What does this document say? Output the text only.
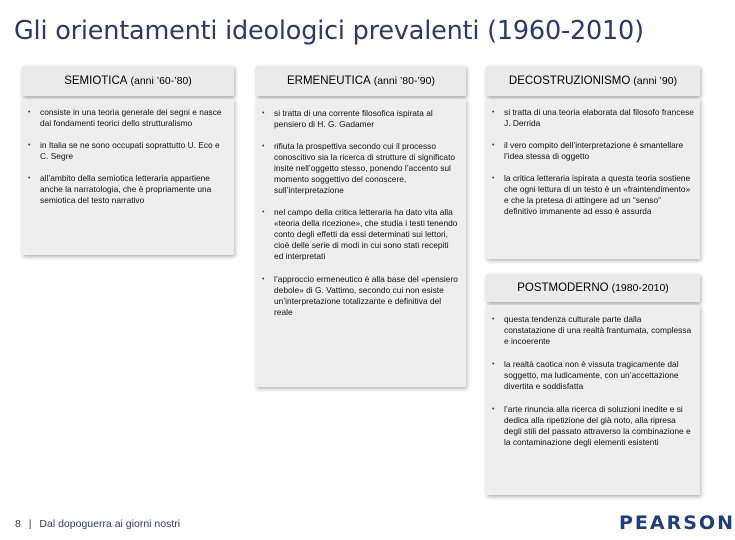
Gli orientamenti ideologici prevalenti (1960-2010)
SEMIOTICA (anni ’60-’80)
• consiste in una teoria generale dei segni e nasce dai fondamenti teorici dello strutturalismo
• in Italia se ne sono occupati soprattutto U. Eco e C. Segre
• all’ambito della semiotica letteraria appartiene anche la narratologia, che è propriamente una semiotica del testo narrativo
ERMENEUTICA (anni ’80-’90)
• si tratta di una corrente filosofica ispirata al pensiero di H. G. Gadamer
• rifiuta la prospettiva secondo cui il processo conoscitivo sia la ricerca di strutture di significato insite nell’oggetto stesso, ponendo l’accento sul momento soggettivo del conoscere, sull’interpretazione
• nel campo della critica letteraria ha dato vita alla «teoria della ricezione», che studia i testi tenendo conto degli effetti da essi determinati sui lettori, cioè delle serie di modi in cui sono stati recepiti ed interpretati
• l’approccio ermeneutico è alla base del «pensiero debole» di G. Vattimo, secondo cui non esiste un’interpretazione totalizzante e definitiva del reale
DECOSTRUZIONISMO (anni ’90)
• si tratta di una teoria elaborata dal filosofo francese J. Derrida
• il vero compito dell’interpretazione è smantellare l’idea stessa di oggetto
• la critica letteraria ispirata a questa teoria sostiene che ogni lettura di un testo è un «fraintendimento» e che la pretesa di attingere ad un “senso” definitivo immanente ad esso è assurda
POSTMODERNO (1980-2010)
• questa tendenza culturale parte dalla constatazione di una realtà frantumata, complessa e incoerente
• la realtà caotica non è vissuta tragicamente dal soggetto, ma ludicamente, con un’accettazione divertita e soddisfatta
• l’arte rinuncia alla ricerca di soluzioni inedite e si dedica alla ripetizione del già noto, alla ripresa degli stili del passato attraverso la combinazione e la contaminazione degli elementi esistenti
8 | Dal dopoguerra ai giorni nostri	PEARSON
